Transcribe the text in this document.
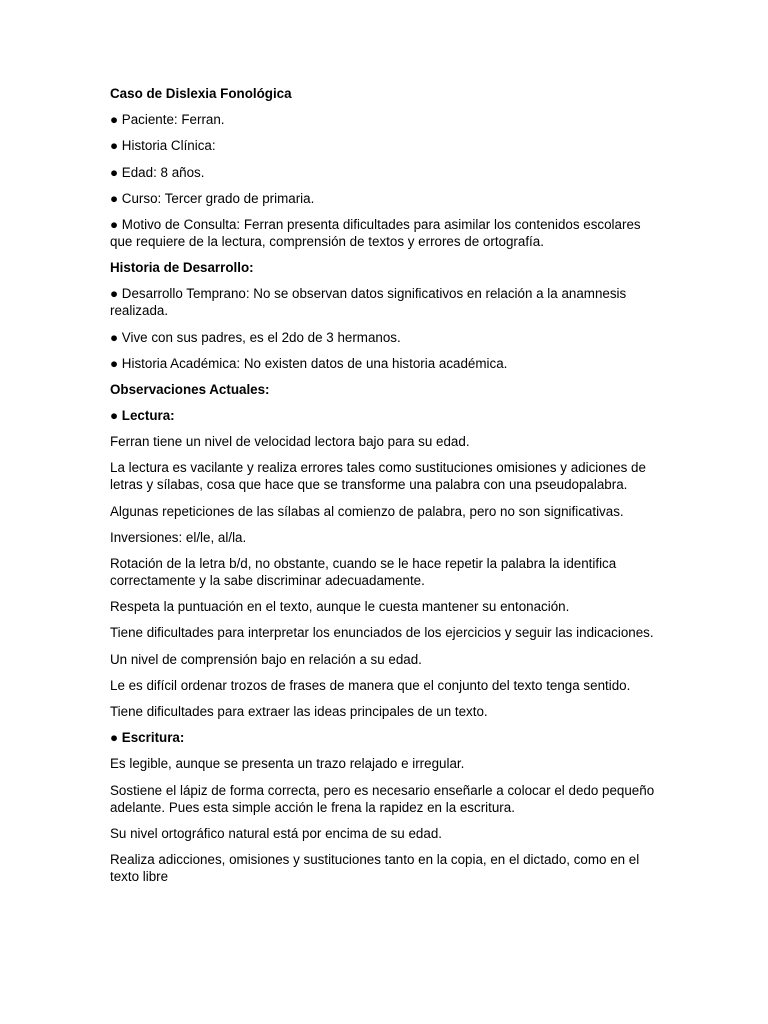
Caso de Dislexia Fonológica

● Paciente: Ferran.

● Historia Clínica:

● Edad: 8 años.

● Curso: Tercer grado de primaria.

● Motivo de Consulta: Ferran presenta dificultades para asimilar los contenidos escolares que requiere de la lectura, comprensión de textos y errores de ortografía.

Historia de Desarrollo:

● Desarrollo Temprano: No se observan datos significativos en relación a la anamnesis realizada.

● Vive con sus padres, es el 2do de 3 hermanos.

● Historia Académica: No existen datos de una historia académica.

Observaciones Actuales:

● Lectura:

Ferran tiene un nivel de velocidad lectora bajo para su edad.

La lectura es vacilante y realiza errores tales como sustituciones omisiones y adiciones de letras y sílabas, cosa que hace que se transforme una palabra con una pseudopalabra.

Algunas repeticiones de las sílabas al comienzo de palabra, pero no son significativas.

Inversiones: el/le, al/la.

Rotación de la letra b/d, no obstante, cuando se le hace repetir la palabra la identifica correctamente y la sabe discriminar adecuadamente.

Respeta la puntuación en el texto, aunque le cuesta mantener su entonación.

Tiene dificultades para interpretar los enunciados de los ejercicios y seguir las indicaciones.

Un nivel de comprensión bajo en relación a su edad.

Le es difícil ordenar trozos de frases de manera que el conjunto del texto tenga sentido.

Tiene dificultades para extraer las ideas principales de un texto.

● Escritura:

Es legible, aunque se presenta un trazo relajado e irregular.

Sostiene el lápiz de forma correcta, pero es necesario enseñarle a colocar el dedo pequeño adelante. Pues esta simple acción le frena la rapidez en la escritura.

Su nivel ortográfico natural está por encima de su edad.

Realiza adicciones, omisiones y sustituciones tanto en la copia, en el dictado, como en el texto libre
